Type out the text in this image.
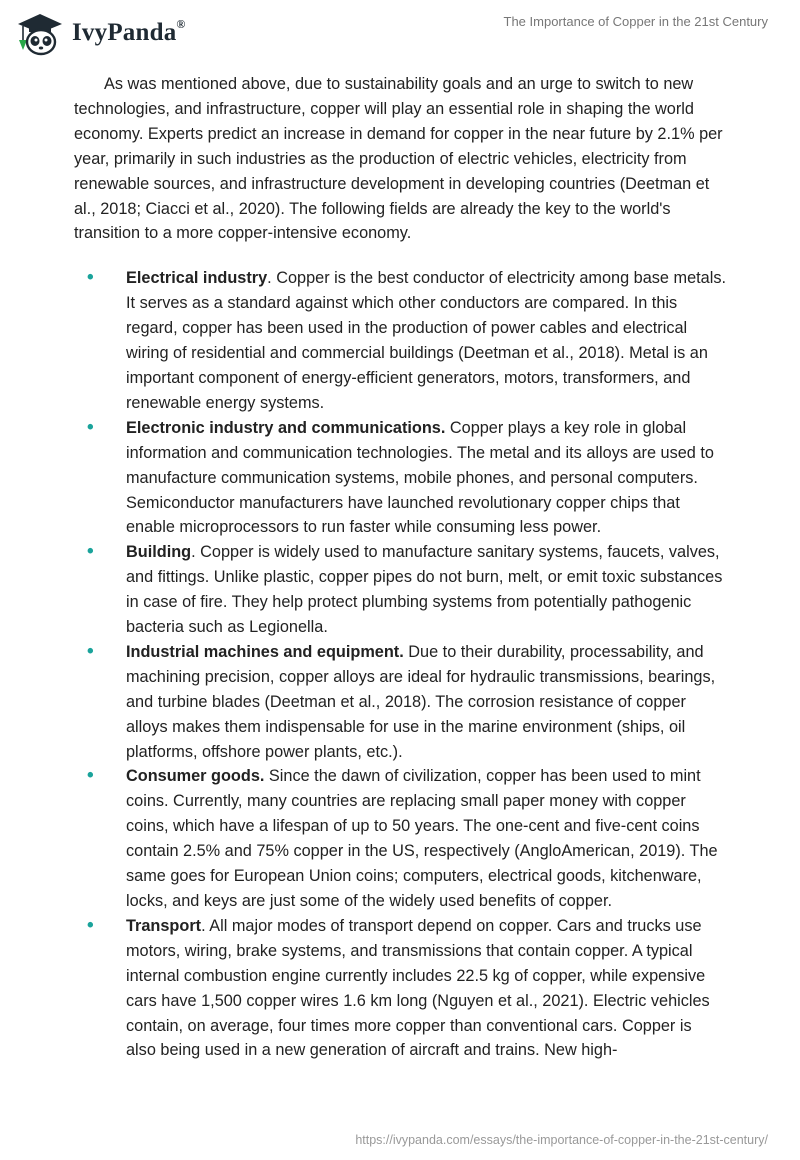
IvyPanda®	The Importance of Copper in the 21st Century

As was mentioned above, due to sustainability goals and an urge to switch to new technologies, and infrastructure, copper will play an essential role in shaping the world economy. Experts predict an increase in demand for copper in the near future by 2.1% per year, primarily in such industries as the production of electric vehicles, electricity from renewable sources, and infrastructure development in developing countries (Deetman et al., 2018; Ciacci et al., 2020). The following fields are already the key to the world's transition to a more copper-intensive economy.

• Electrical industry. Copper is the best conductor of electricity among base metals. It serves as a standard against which other conductors are compared. In this regard, copper has been used in the production of power cables and electrical wiring of residential and commercial buildings (Deetman et al., 2018). Metal is an important component of energy-efficient generators, motors, transformers, and renewable energy systems.
• Electronic industry and communications. Copper plays a key role in global information and communication technologies. The metal and its alloys are used to manufacture communication systems, mobile phones, and personal computers. Semiconductor manufacturers have launched revolutionary copper chips that enable microprocessors to run faster while consuming less power.
• Building. Copper is widely used to manufacture sanitary systems, faucets, valves, and fittings. Unlike plastic, copper pipes do not burn, melt, or emit toxic substances in case of fire. They help protect plumbing systems from potentially pathogenic bacteria such as Legionella.
• Industrial machines and equipment. Due to their durability, processability, and machining precision, copper alloys are ideal for hydraulic transmissions, bearings, and turbine blades (Deetman et al., 2018). The corrosion resistance of copper alloys makes them indispensable for use in the marine environment (ships, oil platforms, offshore power plants, etc.).
• Consumer goods. Since the dawn of civilization, copper has been used to mint coins. Currently, many countries are replacing small paper money with copper coins, which have a lifespan of up to 50 years. The one-cent and five-cent coins contain 2.5% and 75% copper in the US, respectively (AngloAmerican, 2019). The same goes for European Union coins; computers, electrical goods, kitchenware, locks, and keys are just some of the widely used benefits of copper.
• Transport. All major modes of transport depend on copper. Cars and trucks use motors, wiring, brake systems, and transmissions that contain copper. A typical internal combustion engine currently includes 22.5 kg of copper, while expensive cars have 1,500 copper wires 1.6 km long (Nguyen et al., 2021). Electric vehicles contain, on average, four times more copper than conventional cars. Copper is also being used in a new generation of aircraft and trains. New high-
https://ivypanda.com/essays/the-importance-of-copper-in-the-21st-century/
